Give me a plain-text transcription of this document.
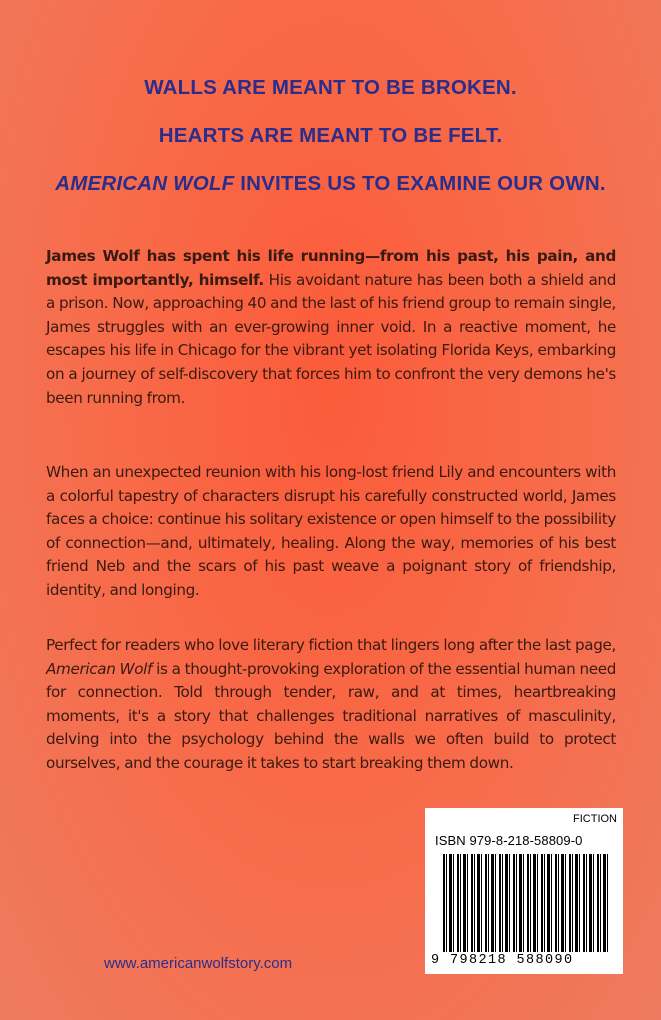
WALLS ARE MEANT TO BE BROKEN.
HEARTS ARE MEANT TO BE FELT.
AMERICAN WOLF INVITES US TO EXAMINE OUR OWN.

James Wolf has spent his life running—from his past, his pain, and most importantly, himself. His avoidant nature has been both a shield and a prison. Now, approaching 40 and the last of his friend group to remain single, James struggles with an ever-growing inner void. In a reactive moment, he escapes his life in Chicago for the vibrant yet isolating Florida Keys, embarking on a journey of self-discovery that forces him to confront the very demons he's been running from.

When an unexpected reunion with his long-lost friend Lily and encounters with a colorful tapestry of characters disrupt his carefully constructed world, James faces a choice: continue his solitary existence or open himself to the possibility of connection—and, ultimately, healing. Along the way, memories of his best friend Neb and the scars of his past weave a poignant story of friendship, identity, and longing.

Perfect for readers who love literary fiction that lingers long after the last page, American Wolf is a thought-provoking exploration of the essential human need for connection. Told through tender, raw, and at times, heartbreaking moments, it's a story that challenges traditional narratives of masculinity, delving into the psychology behind the walls we often build to protect ourselves, and the courage it takes to start breaking them down.

FICTION
ISBN 979-8-218-58809-0
9 798218 588090
www.americanwolfstory.com
